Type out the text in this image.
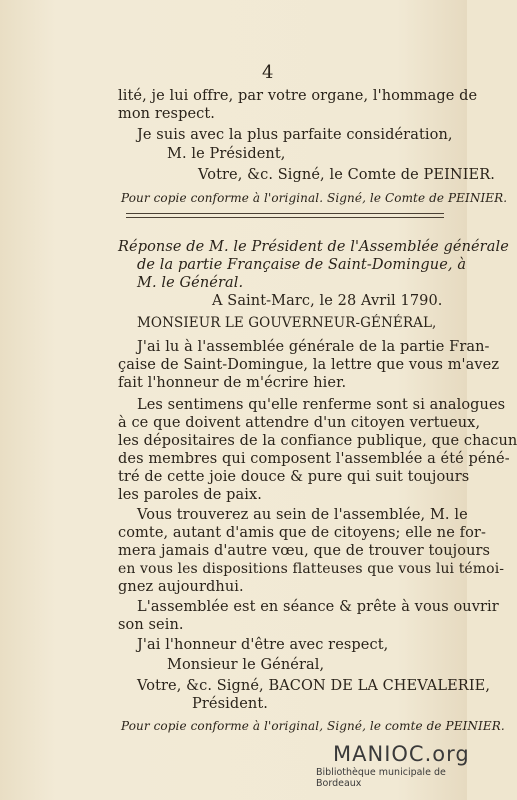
4
lité, je lui offre, par votre organe, l'hommage de
mon respect.
Je suis avec la plus parfaite considération,
M. le Président,
Votre, &c. Signé, le Comte de PEINIER.
Pour copie conforme à l'original. Signé, le Comte de PEINIER.
Réponse de M. le Président de l'Assemblée générale
de la partie Française de Saint-Domingue, à
M. le Général.
A Saint-Marc, le 28 Avril 1790.
MONSIEUR LE GOUVERNEUR-GÉNÉRAL,
J'ai lu à l'assemblée générale de la partie Fran-
çaise de Saint-Domingue, la lettre que vous m'avez
fait l'honneur de m'écrire hier.
Les sentimens qu'elle renferme sont si analogues
à ce que doivent attendre d'un citoyen vertueux,
les dépositaires de la confiance publique, que chacun
des membres qui composent l'assemblée a été péné-
tré de cette joie douce & pure qui suit toujours
les paroles de paix.
Vous trouverez au sein de l'assemblée, M. le
comte, autant d'amis que de citoyens; elle ne for-
mera jamais d'autre vœu, que de trouver toujours
en vous les dispositions flatteuses que vous lui témoi-
gnez aujourdhui.
L'assemblée est en séance & prête à vous ouvrir
son sein.
J'ai l'honneur d'être avec respect,
Monsieur le Général,
Votre, &c. Signé, BACON DE LA CHEVALERIE,
Président.
Pour copie conforme à l'original, Signé, le comte de PEINIER.
MANIOC.org
Bibliothèque municipale de Bordeaux
